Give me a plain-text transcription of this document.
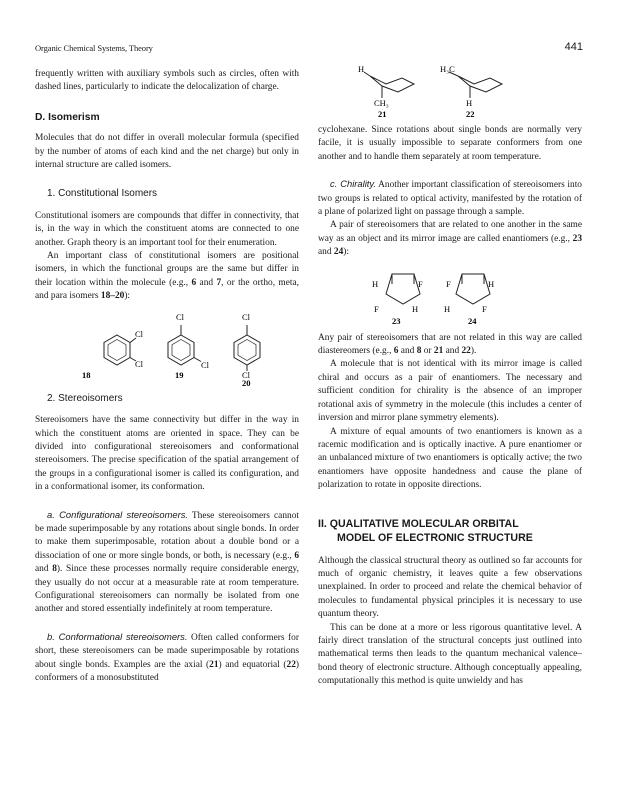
Organic Chemical Systems, Theory	441

frequently written with auxiliary symbols such as circles, often with dashed lines, particularly to indicate the delocalization of charge.

D. Isomerism

Molecules that do not differ in overall molecular formula (specified by the number of atoms of each kind and the net charge) but only in internal structure are called isomers.

1. Constitutional Isomers

Constitutional isomers are compounds that differ in connectivity, that is, in the way in which the constituent atoms are connected to one another. Graph theory is an important tool for their enumeration.

An important class of constitutional isomers are positional isomers, in which the functional groups are the same but differ in their location within the molecule (e.g., 6 and 7, or the ortho, meta, and para isomers 18–20):

Cl
Cl
18
Cl
Cl
19
Cl
Cl
20
2. Stereoisomers

Stereoisomers have the same connectivity but differ in the way in which the constituent atoms are oriented in space. They can be divided into configurational stereoisomers and conformational stereoisomers. The precise specification of the spatial arrangement of the groups in a configurational isomer is called its configuration, and in a conformational isomer, its conformation.

a. Configurational stereoisomers. These stereoisomers cannot be made superimposable by any rotations about single bonds. In order to make them superimposable, rotation about a double bond or a dissociation of one or more single bonds, or both, is necessary (e.g., 6 and 8). Since these processes normally require considerable energy, they usually do not occur at a measurable rate at room temperature. Configurational stereoisomers can normally be isolated from one another and stored essentially indefinitely at room temperature.

b. Conformational stereoisomers. Often called conformers for short, these stereoisomers can be made superimposable by rotations about single bonds. Examples are the axial (21) and equatorial (22) conformers of a monosubstituted

H
CH₃
21
H₃C
H
22

cyclohexane. Since rotations about single bonds are normally very facile, it is usually impossible to separate conformers from one another and to handle them separately at room temperature.

c. Chirality. Another important classification of stereoisomers into two groups is related to optical activity, manifested by the rotation of a plane of polarized light on passage through a sample.

A pair of stereoisomers that are related to one another in the same way as an object and its mirror image are called enantiomers (e.g., 23 and 24):

H	F
F	H
23
F	H
H	F
24

Any pair of stereoisomers that are not related in this way are called diastereomers (e.g., 6 and 8 or 21 and 22).

A molecule that is not identical with its mirror image is called chiral and occurs as a pair of enantiomers. The necessary and sufficient condition for chirality is the absence of an improper rotational axis of symmetry in the molecule (this includes a center of inversion and mirror plane symmetry elements).

A mixture of equal amounts of two enantiomers is known as a racemic modification and is optically inactive. A pure enantiomer or an unbalanced mixture of two enantiomers is optically active; the two enantiomers have opposite handedness and cause the plane of polarization to rotate in opposite directions.

II. QUALITATIVE MOLECULAR ORBITAL
MODEL OF ELECTRONIC STRUCTURE

Although the classical structural theory as outlined so far accounts for much of organic chemistry, it leaves quite a few observations unexplained. In order to proceed and relate the chemical behavior of molecules to fundamental physical principles it is necessary to use quantum theory.

This can be done at a more or less rigorous quantitative level. A fairly direct translation of the structural concepts just outlined into mathematical terms then leads to the quantum mechanical valence–bond theory of electronic structure. Although conceptually appealing, computationally this method is quite unwieldy and has
